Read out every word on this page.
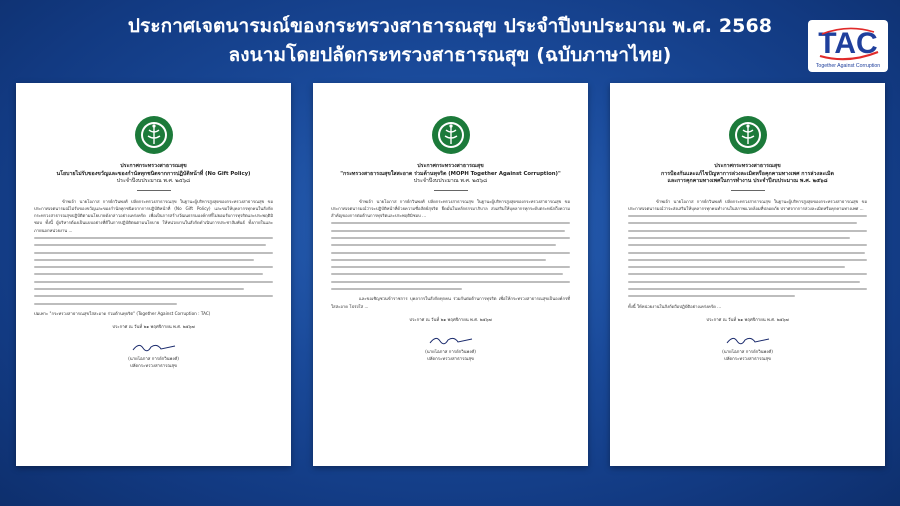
ประกาศเจตนารมณ์ของกระทรวงสาธารณสุข ประจำปีงบประมาณ พ.ศ. 2568
ลงนามโดยปลัดกระทรวงสาธารณสุข (ฉบับภาษาไทย)	TAC
Together Against Corruption
ประกาศกระทรวงสาธารณสุข
นโยบายไม่รับของขวัญและของกำนัลทุกชนิดจากการปฏิบัติหน้าที่ (No Gift Policy)
ประจำปีงบประมาณ พ.ศ. ๒๕๖๘
ข้าพเจ้า นายโอภาส การย์กวินพงศ์ ปลัดกระทรวงสาธารณสุข ในฐานะผู้บริหารสูงสุดของกระทรวงสาธารณสุข ขอประกาศเจตนารมณ์ไม่รับของขวัญและของกำนัลทุกชนิดจากการปฏิบัติหน้าที่ (No Gift Policy) และขอให้บุคลากรทุกคนในสังกัดกระทรวงสาธารณสุขปฏิบัติตามนโยบายดังกล่าวอย่างเคร่งครัด เพื่อเป็นการสร้างวัฒนธรรมองค์กรที่ไม่ยอมรับการทุจริตและประพฤติมิชอบ ทั้งนี้ ผู้บริหารต้องเป็นแบบอย่างที่ดีในการปฏิบัติตนตามนโยบาย ให้หน่วยงานในสังกัดดำเนินการประชาสัมพันธ์ ทั้งภายในและภายนอกหน่วยงาน ...
บ่มเพาะ "กระทรวงสาธารณสุขใสสะอาด ร่วมต้านทุจริต" (Together Against Corruption : TAC)
ประกาศ ณ วันที่ ๒๑ พฤศจิกายน พ.ศ. ๒๕๖๗
(นายโอภาส การย์กวินพงศ์)
ปลัดกระทรวงสาธารณสุข
ประกาศกระทรวงสาธารณสุข
"กระทรวงสาธารณสุขใสสะอาด ร่วมต้านทุจริต (MOPH Together Against Corruption)"
ประจำปีงบประมาณ พ.ศ. ๒๕๖๘
ข้าพเจ้า นายโอภาส การย์กวินพงศ์ ปลัดกระทรวงสาธารณสุข ในฐานะผู้บริหารสูงสุดของกระทรวงสาธารณสุข ขอประกาศเจตนารมณ์ว่าจะปฏิบัติหน้าที่ด้วยความซื่อสัตย์สุจริต ยึดมั่นในหลักธรรมาภิบาล ส่งเสริมให้บุคลากรทุกระดับตระหนักถึงความสำคัญของการต่อต้านการทุจริตและประพฤติมิชอบ ...
และขอเชิญชวนข้าราชการ บุคลากรในสังกัดทุกคน ร่วมกันต่อต้านการทุจริต เพื่อให้กระทรวงสาธารณสุขเป็นองค์กรที่ใสสะอาด โปร่งใส ...
ประกาศ ณ วันที่ ๒๑ พฤศจิกายน พ.ศ. ๒๕๖๗
(นายโอภาส การย์กวินพงศ์)
ปลัดกระทรวงสาธารณสุข
ประกาศกระทรวงสาธารณสุข
การป้องกันและแก้ไขปัญหาการล่วงละเมิดหรือคุกคามทางเพศ การล่วงละเมิด
และการคุกคามทางเพศในการทำงาน ประจำปีงบประมาณ พ.ศ. ๒๕๖๘
ข้าพเจ้า นายโอภาส การย์กวินพงศ์ ปลัดกระทรวงสาธารณสุข ในฐานะผู้บริหารสูงสุดของกระทรวงสาธารณสุข ขอประกาศเจตนารมณ์ว่าจะส่งเสริมให้บุคลากรทุกคนทำงานในสภาพแวดล้อมที่ปลอดภัย ปราศจากการล่วงละเมิดหรือคุกคามทางเพศ ...
ทั้งนี้ ให้หน่วยงานในสังกัดถือปฏิบัติอย่างเคร่งครัด ...
ประกาศ ณ วันที่ ๒๑ พฤศจิกายน พ.ศ. ๒๕๖๗
(นายโอภาส การย์กวินพงศ์)
ปลัดกระทรวงสาธารณสุข
